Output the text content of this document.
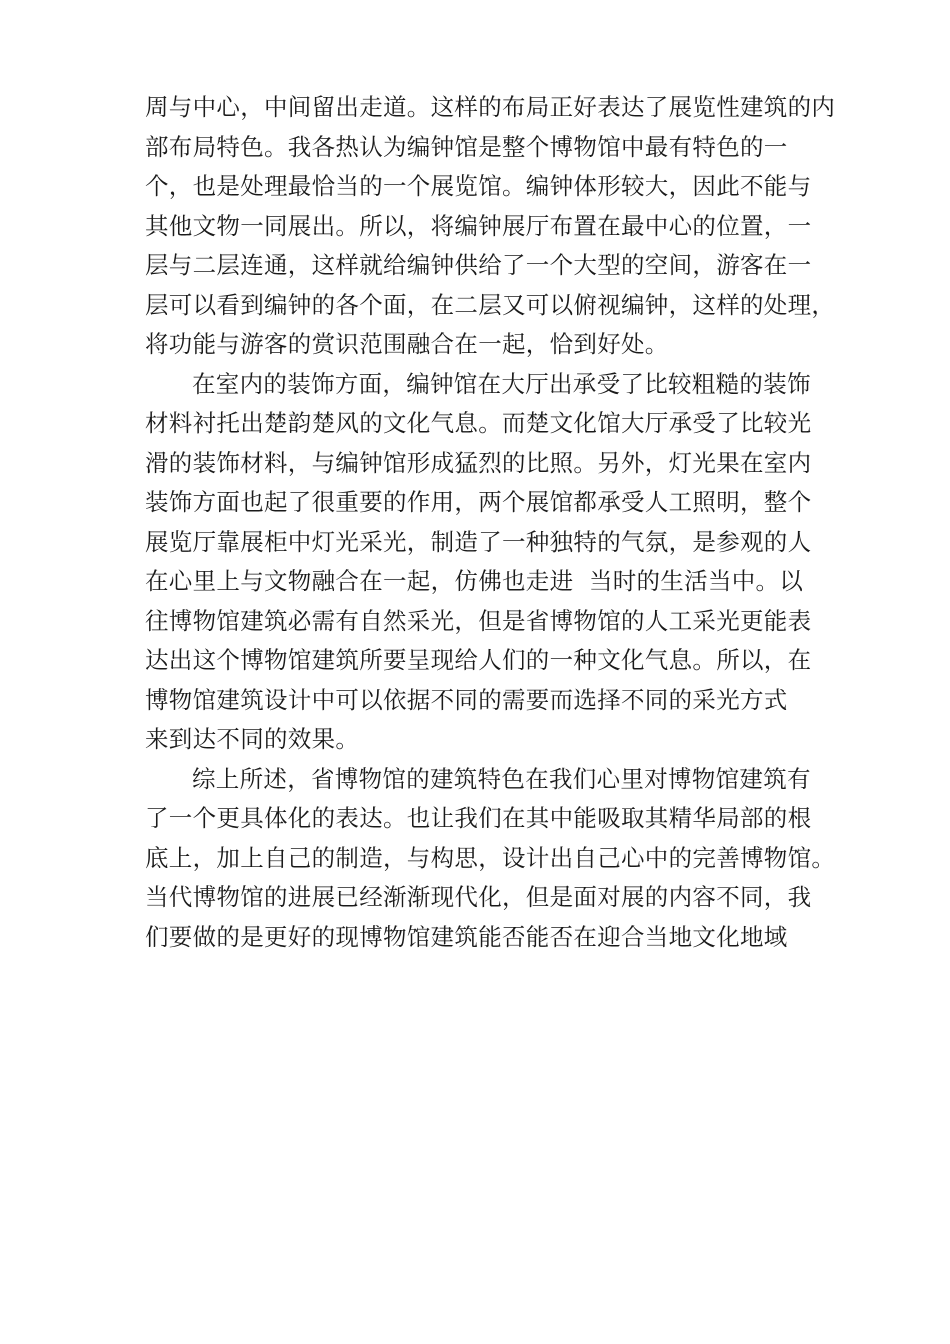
周与中心，中间留出走道。这样的布局正好表达了展览性建筑的内
部布局特色。我各热认为编钟馆是整个博物馆中最有特色的一
个，也是处理最恰当的一个展览馆。编钟体形较大，因此不能与
其他文物一同展出。所以，将编钟展厅布置在最中心的位置，一
层与二层连通，这样就给编钟供给了一个大型的空间，游客在一
层可以看到编钟的各个面，在二层又可以俯视编钟，这样的处理，
将功能与游客的赏识范围融合在一起，恰到好处。
在室内的装饰方面，编钟馆在大厅出承受了比较粗糙的装饰
材料衬托出楚韵楚风的文化气息。而楚文化馆大厅承受了比较光
滑的装饰材料，与编钟馆形成猛烈的比照。另外，灯光果在室内
装饰方面也起了很重要的作用，两个展馆都承受人工照明，整个
展览厅靠展柜中灯光采光，制造了一种独特的气氛，是参观的人
在心里上与文物融合在一起，仿佛也走进  当时的生活当中。以
往博物馆建筑必需有自然采光，但是省博物馆的人工采光更能表
达出这个博物馆建筑所要呈现给人们的一种文化气息。所以，在
博物馆建筑设计中可以依据不同的需要而选择不同的采光方式
来到达不同的效果。
综上所述，省博物馆的建筑特色在我们心里对博物馆建筑有
了一个更具体化的表达。也让我们在其中能吸取其精华局部的根
底上，加上自己的制造，与构思，设计出自己心中的完善博物馆。
当代博物馆的进展已经渐渐现代化，但是面对展的内容不同，我
们要做的是更好的现博物馆建筑能否能否在迎合当地文化地域
